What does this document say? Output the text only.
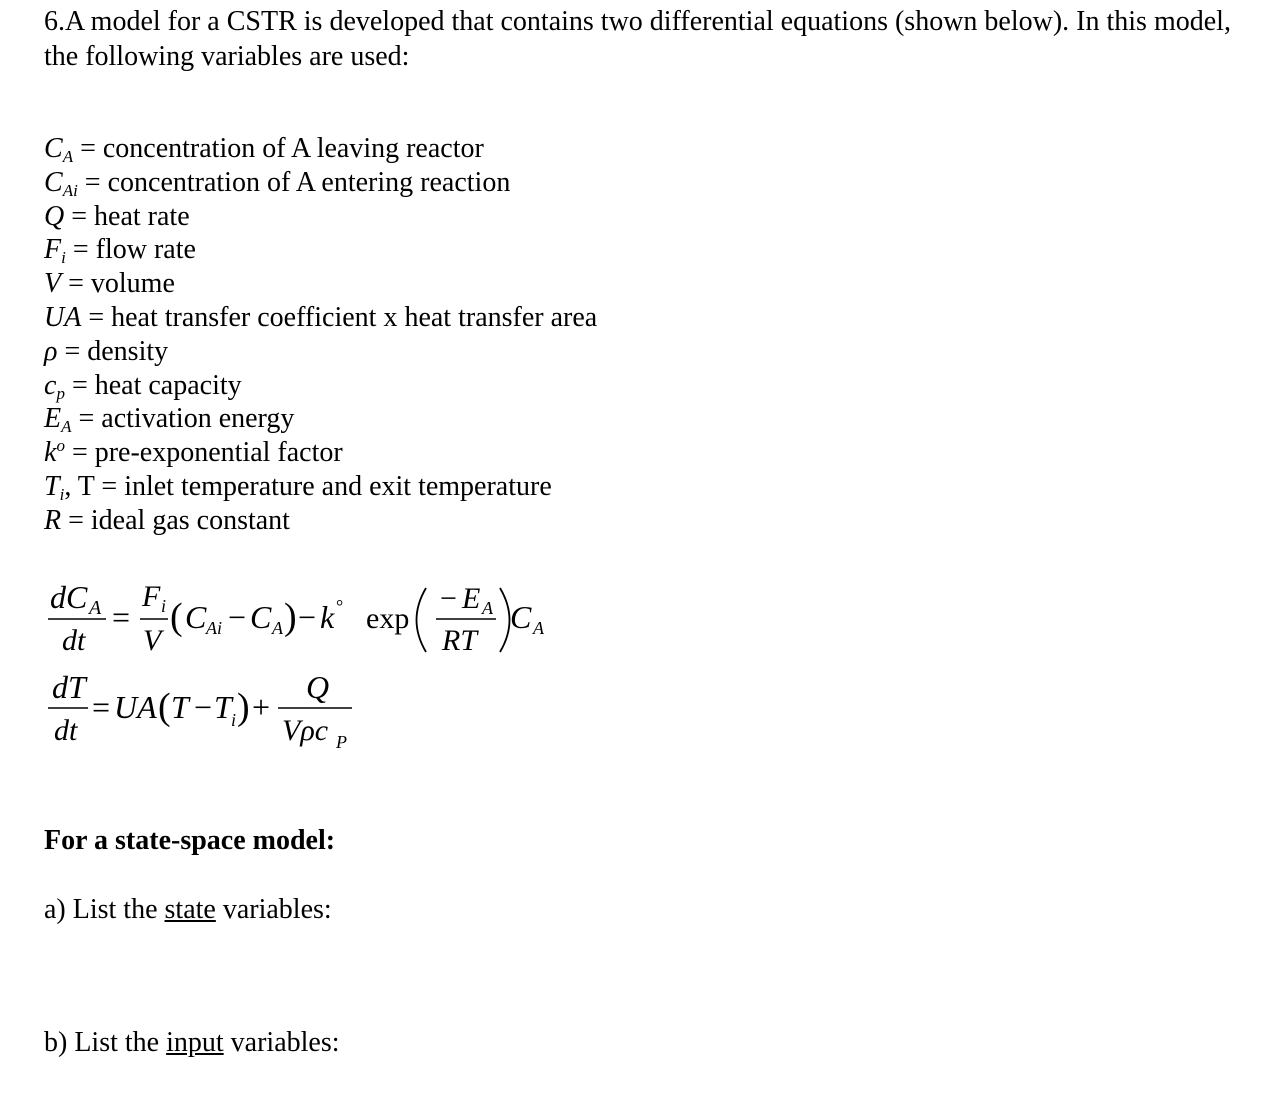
6.A model for a CSTR is developed that contains two differential equations (shown below). In this model, the following variables are used:

$C_A$ = concentration of A leaving reactor
$C_{Ai}$ = concentration of A entering reaction
Q = heat rate
$F_i$ = flow rate
V = volume
UA = heat transfer coefficient x heat transfer area
ρ = density
$c_p$ = heat capacity
$E_A$ = activation energy
$k^o$ = pre-exponential factor
$T_i$, T = inlet temperature and exit temperature
R = ideal gas constant
dC A
dt
=
F i
V
( C Ai − C A ) − k ° exp
− E A
RT
C A
dT
dt
= UA ( T − T i ) +
Q
Vρc P

For a state-space model:

a) List the state variables:

b) List the input variables:
